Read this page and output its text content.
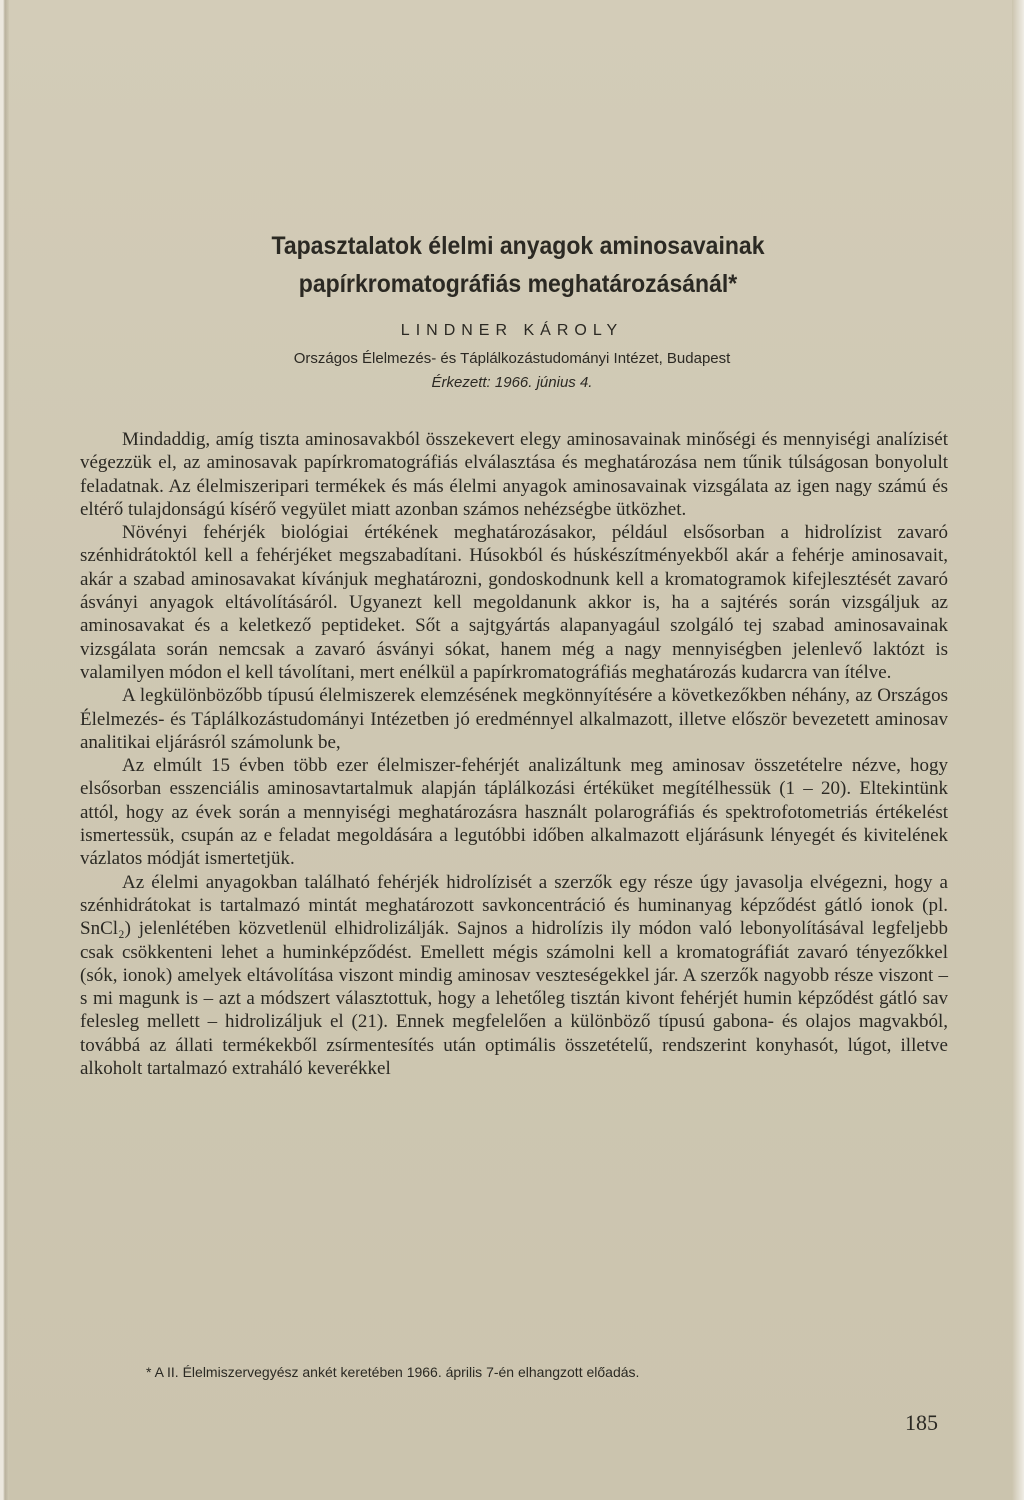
Tapasztalatok élelmi anyagok aminosavainak
papírkromatográfiás meghatározásánál*

LINDNER KÁROLY

Országos Élelmezés- és Táplálkozástudományi Intézet, Budapest

Érkezett: 1966. június 4.

Mindaddig, amíg tiszta aminosavakból összekevert elegy aminosavainak minőségi és mennyiségi analízisét végezzük el, az aminosavak papírkromatográfiás elválasztása és meghatározása nem tűnik túlságosan bonyolult feladatnak. Az élelmiszeripari termékek és más élelmi anyagok aminosavainak vizsgálata az igen nagy számú és eltérő tulajdonságú kísérő vegyület miatt azonban számos nehézségbe ütközhet.

Növényi fehérjék biológiai értékének meghatározásakor, például elsősorban a hidrolízist zavaró szénhidrátoktól kell a fehérjéket megszabadítani. Húsokból és húskészítményekből akár a fehérje aminosavait, akár a szabad aminosavakat kívánjuk meghatározni, gondoskodnunk kell a kromatogramok kifejlesztését zavaró ásványi anyagok eltávolításáról. Ugyanezt kell megoldanunk akkor is, ha a sajtérés során vizsgáljuk az aminosavakat és a keletkező peptideket. Sőt a sajtgyártás alapanyagául szolgáló tej szabad aminosavainak vizsgálata során nemcsak a zavaró ásványi sókat, hanem még a nagy mennyiségben jelenlevő laktózt is valamilyen módon el kell távolítani, mert enélkül a papírkromatográfiás meghatározás kudarcra van ítélve.

A legkülönbözőbb típusú élelmiszerek elemzésének megkönnyítésére a következőkben néhány, az Országos Élelmezés- és Táplálkozástudományi Intézetben jó eredménnyel alkalmazott, illetve először bevezetett aminosav analitikai eljárásról számolunk be,

Az elmúlt 15 évben több ezer élelmiszer-fehérjét analizáltunk meg aminosav összetételre nézve, hogy elsősorban esszenciális aminosavtartalmuk alapján táplálkozási értéküket megítélhessük (1 – 20). Eltekintünk attól, hogy az évek során a mennyiségi meghatározásra használt polarográfiás és spektrofotometriás értékelést ismertessük, csupán az e feladat megoldására a legutóbbi időben alkalmazott eljárásunk lényegét és kivitelének vázlatos módját ismertetjük.

Az élelmi anyagokban található fehérjék hidrolízisét a szerzők egy része úgy javasolja elvégezni, hogy a szénhidrátokat is tartalmazó mintát meghatározott savkoncentráció és huminanyag képződést gátló ionok (pl. SnCl₂) jelenlétében közvetlenül elhidrolizálják. Sajnos a hidrolízis ily módon való lebonyolításával legfeljebb csak csökkenteni lehet a huminképződést. Emellett mégis számolni kell a kromatográfiát zavaró tényezőkkel (sók, ionok) amelyek eltávolítása viszont mindig aminosav veszteségekkel jár. A szerzők nagyobb része viszont – s mi magunk is – azt a módszert választottuk, hogy a lehetőleg tisztán kivont fehérjét humin képződést gátló sav felesleg mellett – hidrolizáljuk el (21). Ennek megfelelően a különböző típusú gabona- és olajos magvakból, továbbá az állati termékekből zsírmentesítés után optimális összetételű, rendszerint konyhasót, lúgot, illetve alkoholt tartalmazó extraháló keverékkel

* A II. Élelmiszervegyész ankét keretében 1966. április 7-én elhangzott előadás.

185
